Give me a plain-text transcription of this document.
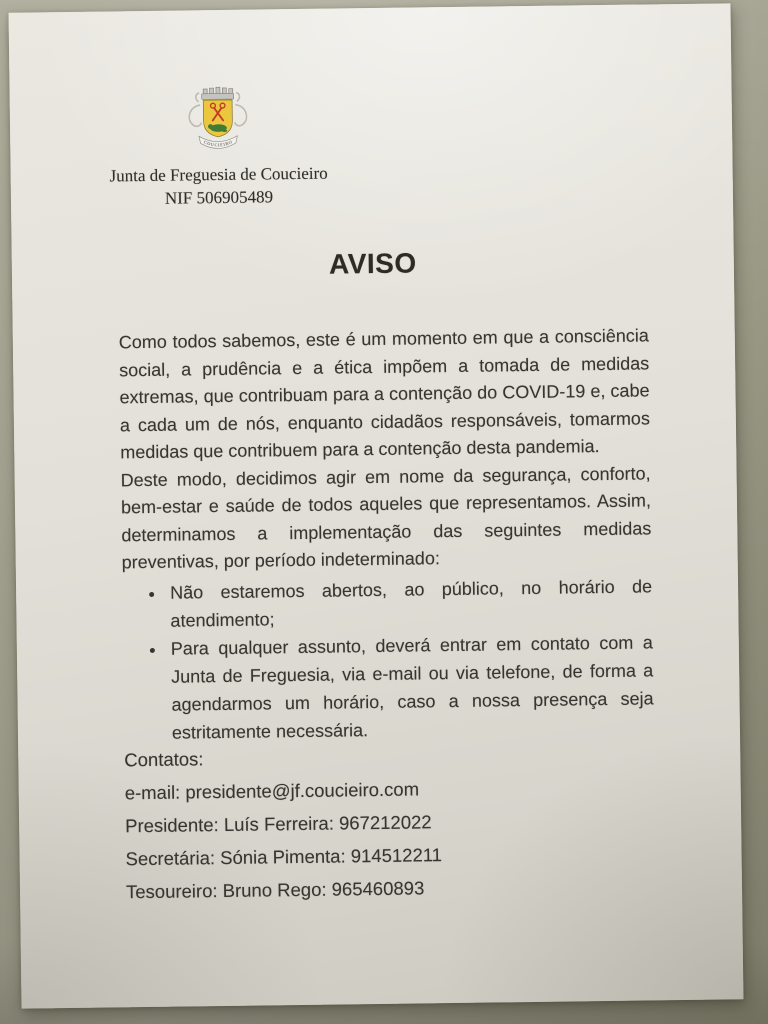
COUCIEIRO
Junta de Freguesia de Coucieiro
NIF 506905489
AVISO

Como todos sabemos, este é um momento em que a consciência social, a prudência e a ética impõem a tomada de medidas extremas, que contribuam para a contenção do COVID-19 e, cabe a cada um de nós, enquanto cidadãos responsáveis, tomarmos medidas que contribuem para a contenção desta pandemia.

Deste modo, decidimos agir em nome da segurança, conforto, bem-estar e saúde de todos aqueles que representamos. Assim, determinamos a implementação das seguintes medidas preventivas, por período indeterminado:

• Não estaremos abertos, ao público, no horário de atendimento;
• Para qualquer assunto, deverá entrar em contato com a Junta de Freguesia, via e-mail ou via telefone, de forma a agendarmos um horário, caso a nossa presença seja estritamente necessária.

Contatos:

e-mail: presidente@jf.coucieiro.com

Presidente: Luís Ferreira: 967212022

Secretária: Sónia Pimenta: 914512211

Tesoureiro: Bruno Rego: 965460893
